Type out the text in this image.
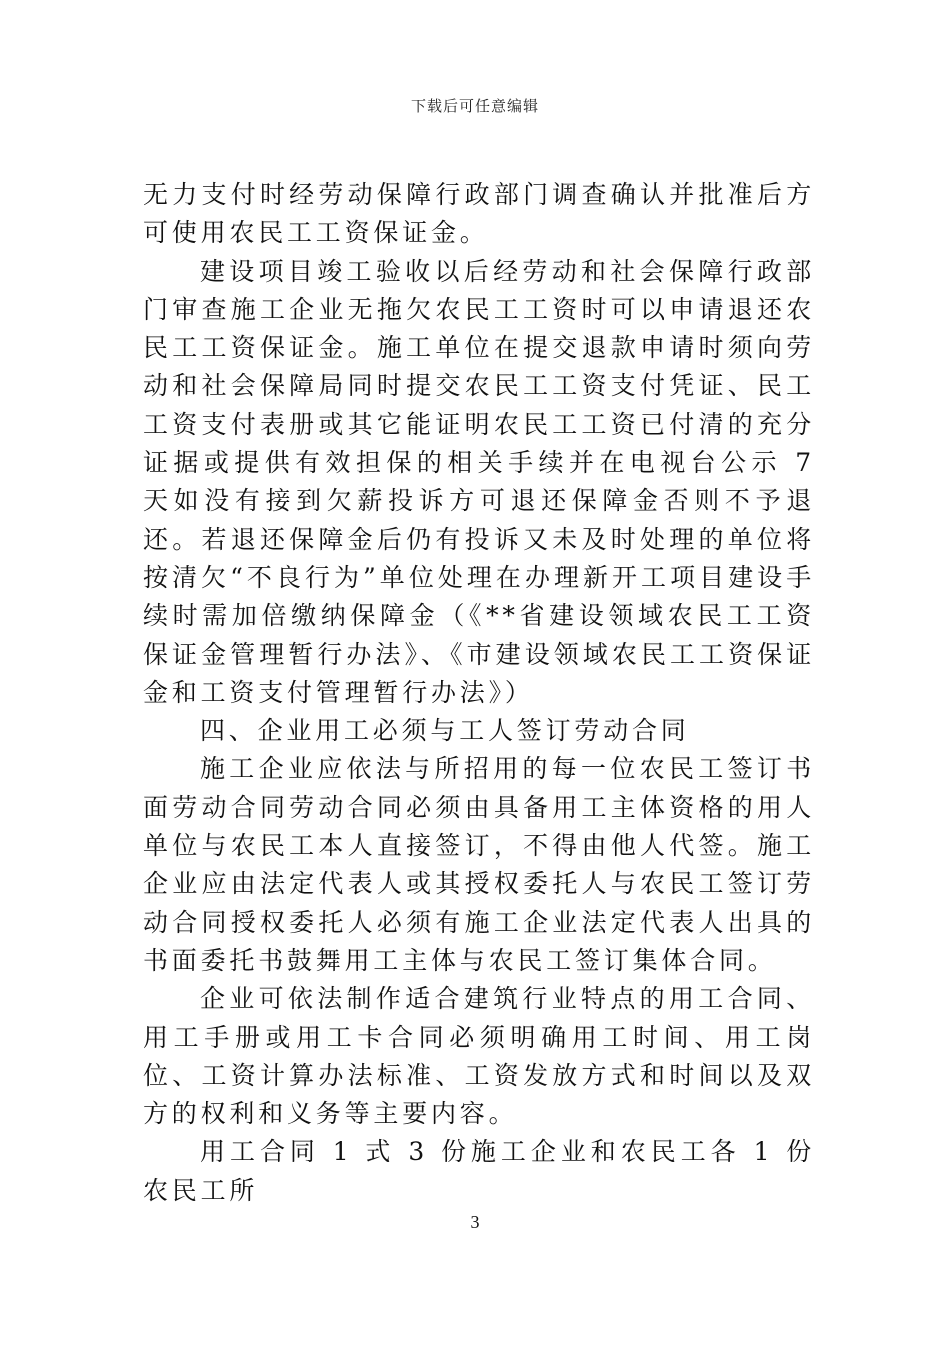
下载后可任意编辑

无力支付时经劳动保障行政部门调查确认并批准后方可使用农民工工资保证金。

建设项目竣工验收以后经劳动和社会保障行政部门审查施工企业无拖欠农民工工资时可以申请退还农民工工资保证金。施工单位在提交退款申请时须向劳动和社会保障局同时提交农民工工资支付凭证、民工工资支付表册或其它能证明农民工工资已付清的充分证据或提供有效担保的相关手续并在电视台公示 7 天如没有接到欠薪投诉方可退还保障金否则不予退还。若退还保障金后仍有投诉又未及时处理的单位将按清欠“不良行为”单位处理在办理新开工项目建设手续时需加倍缴纳保障金（《**省建设领域农民工工资保证金管理暂行办法》、《市建设领域农民工工资保证金和工资支付管理暂行办法》）

四、企业用工必须与工人签订劳动合同

施工企业应依法与所招用的每一位农民工签订书面劳动合同劳动合同必须由具备用工主体资格的用人单位与农民工本人直接签订，不得由他人代签。施工企业应由法定代表人或其授权委托人与农民工签订劳动合同授权委托人必须有施工企业法定代表人出具的书面委托书鼓舞用工主体与农民工签订集体合同。

企业可依法制作适合建筑行业特点的用工合同、用工手册或用工卡合同必须明确用工时间、用工岗位、工资计算办法标准、工资发放方式和时间以及双方的权利和义务等主要内容。

用工合同 1 式 3 份施工企业和农民工各 1 份农民工所

3
